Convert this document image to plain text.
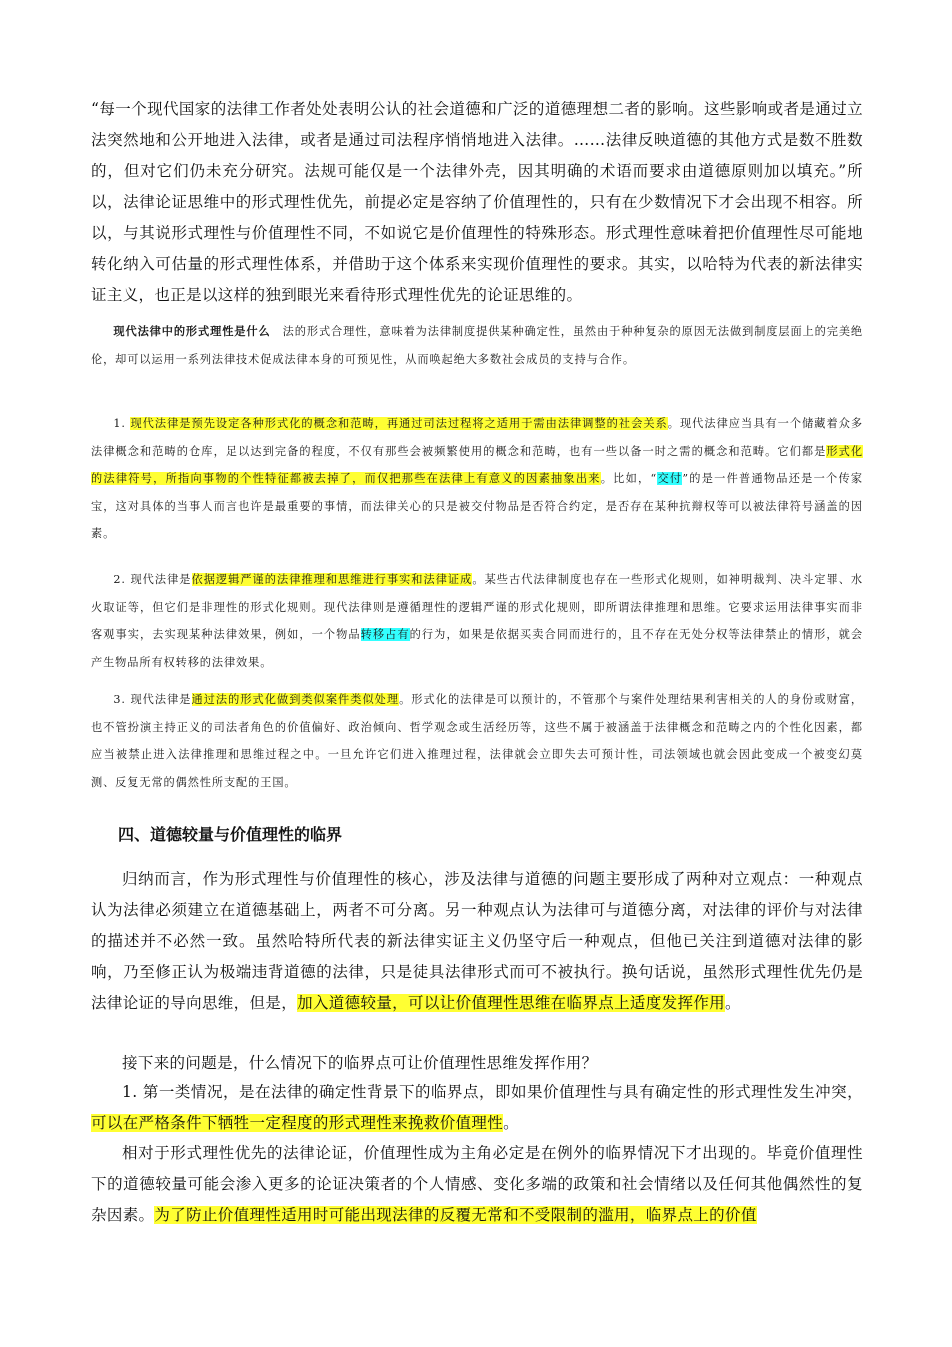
“每一个现代国家的法律工作者处处表明公认的社会道德和广泛的道德理想二者的影响。这些影响或者是通过立法突然地和公开地进入法律，或者是通过司法程序悄悄地进入法律。……法律反映道德的其他方式是数不胜数的，但对它们仍未充分研究。法规可能仅是一个法律外壳，因其明确的术语而要求由道德原则加以填充。”所以，法律论证思维中的形式理性优先，前提必定是容纳了价值理性的，只有在少数情况下才会出现不相容。所以，与其说形式理性与价值理性不同，不如说它是价值理性的特殊形态。形式理性意味着把价值理性尽可能地转化纳入可估量的形式理性体系，并借助于这个体系来实现价值理性的要求。其实，以哈特为代表的新法律实证主义，也正是以这样的独到眼光来看待形式理性优先的论证思维的。

现代法律中的形式理性是什么　法的形式合理性，意味着为法律制度提供某种确定性，虽然由于种种复杂的原因无法做到制度层面上的完美绝伦，却可以运用一系列法律技术促成法律本身的可预见性，从而唤起绝大多数社会成员的支持与合作。

1. 现代法律是预先设定各种形式化的概念和范畴，再通过司法过程将之适用于需由法律调整的社会关系。现代法律应当具有一个储藏着众多法律概念和范畴的仓库，足以达到完备的程度，不仅有那些会被频繁使用的概念和范畴，也有一些以备一时之需的概念和范畴。它们都是形式化的法律符号，所指向事物的个性特征都被去掉了，而仅把那些在法律上有意义的因素抽象出来。比如，“交付”的是一件普通物品还是一个传家宝，这对具体的当事人而言也许是最重要的事情，而法律关心的只是被交付物品是否符合约定，是否存在某种抗辩权等可以被法律符号涵盖的因素。

2. 现代法律是依据逻辑严谨的法律推理和思维进行事实和法律证成。某些古代法律制度也存在一些形式化规则，如神明裁判、决斗定罪、水火取证等，但它们是非理性的形式化规则。现代法律则是遵循理性的逻辑严谨的形式化规则，即所谓法律推理和思维。它要求运用法律事实而非客观事实，去实现某种法律效果，例如，一个物品转移占有的行为，如果是依据买卖合同而进行的，且不存在无处分权等法律禁止的情形，就会产生物品所有权转移的法律效果。

3. 现代法律是通过法的形式化做到类似案件类似处理。形式化的法律是可以预计的，不管那个与案件处理结果利害相关的人的身份或财富，也不管扮演主持正义的司法者角色的价值偏好、政治倾向、哲学观念或生活经历等，这些不属于被涵盖于法律概念和范畴之内的个性化因素，都应当被禁止进入法律推理和思维过程之中。一旦允许它们进入推理过程，法律就会立即失去可预计性，司法领域也就会因此变成一个被变幻莫测、反复无常的偶然性所支配的王国。

四、道德较量与价值理性的临界

归纳而言，作为形式理性与价值理性的核心，涉及法律与道德的问题主要形成了两种对立观点：一种观点认为法律必须建立在道德基础上，两者不可分离。另一种观点认为法律可与道德分离，对法律的评价与对法律的描述并不必然一致。虽然哈特所代表的新法律实证主义仍坚守后一种观点，但他已关注到道德对法律的影响，乃至修正认为极端违背道德的法律，只是徒具法律形式而可不被执行。换句话说，虽然形式理性优先仍是法律论证的导向思维，但是，加入道德较量，可以让价值理性思维在临界点上适度发挥作用。

接下来的问题是，什么情况下的临界点可让价值理性思维发挥作用？

1. 第一类情况，是在法律的确定性背景下的临界点，即如果价值理性与具有确定性的形式理性发生冲突，可以在严格条件下牺牲一定程度的形式理性来挽救价值理性。

相对于形式理性优先的法律论证，价值理性成为主角必定是在例外的临界情况下才出现的。毕竟价值理性下的道德较量可能会渗入更多的论证决策者的个人情感、变化多端的政策和社会情绪以及任何其他偶然性的复杂因素。为了防止价值理性适用时可能出现法律的反覆无常和不受限制的滥用，临界点上的价值
